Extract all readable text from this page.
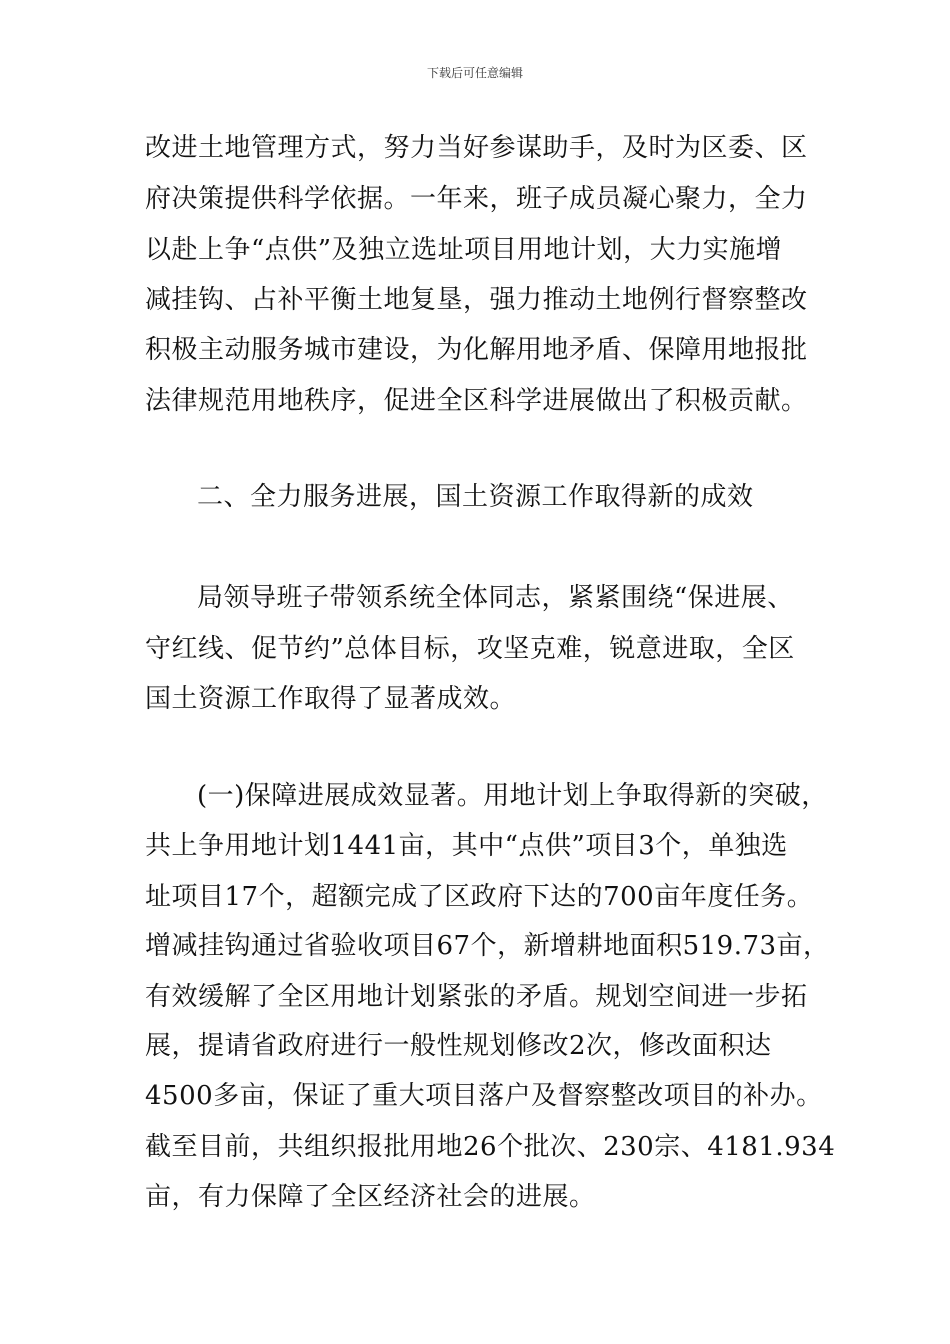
下载后可任意编辑
改进土地管理方式，努力当好参谋助手，及时为区委、区
府决策提供科学依据。一年来，班子成员凝心聚力，全力
以赴上争“点供”及独立选址项目用地计划，大力实施增
减挂钩、占补平衡土地复垦，强力推动土地例行督察整改
积极主动服务城市建设，为化解用地矛盾、保障用地报批
法律规范用地秩序，促进全区科学进展做出了积极贡献。
二、全力服务进展，国土资源工作取得新的成效
局领导班子带领系统全体同志，紧紧围绕“保进展、
守红线、促节约”总体目标，攻坚克难，锐意进取，全区
国土资源工作取得了显著成效。
(一)保障进展成效显著。用地计划上争取得新的突破，
共上争用地计划1441亩，其中“点供”项目3个，单独选
址项目17个，超额完成了区政府下达的700亩年度任务。
增减挂钩通过省验收项目67个，新增耕地面积519.73亩，
有效缓解了全区用地计划紧张的矛盾。规划空间进一步拓
展，提请省政府进行一般性规划修改2次，修改面积达
4500多亩，保证了重大项目落户及督察整改项目的补办。
截至目前，共组织报批用地26个批次、230宗、4181.934
亩，有力保障了全区经济社会的进展。
